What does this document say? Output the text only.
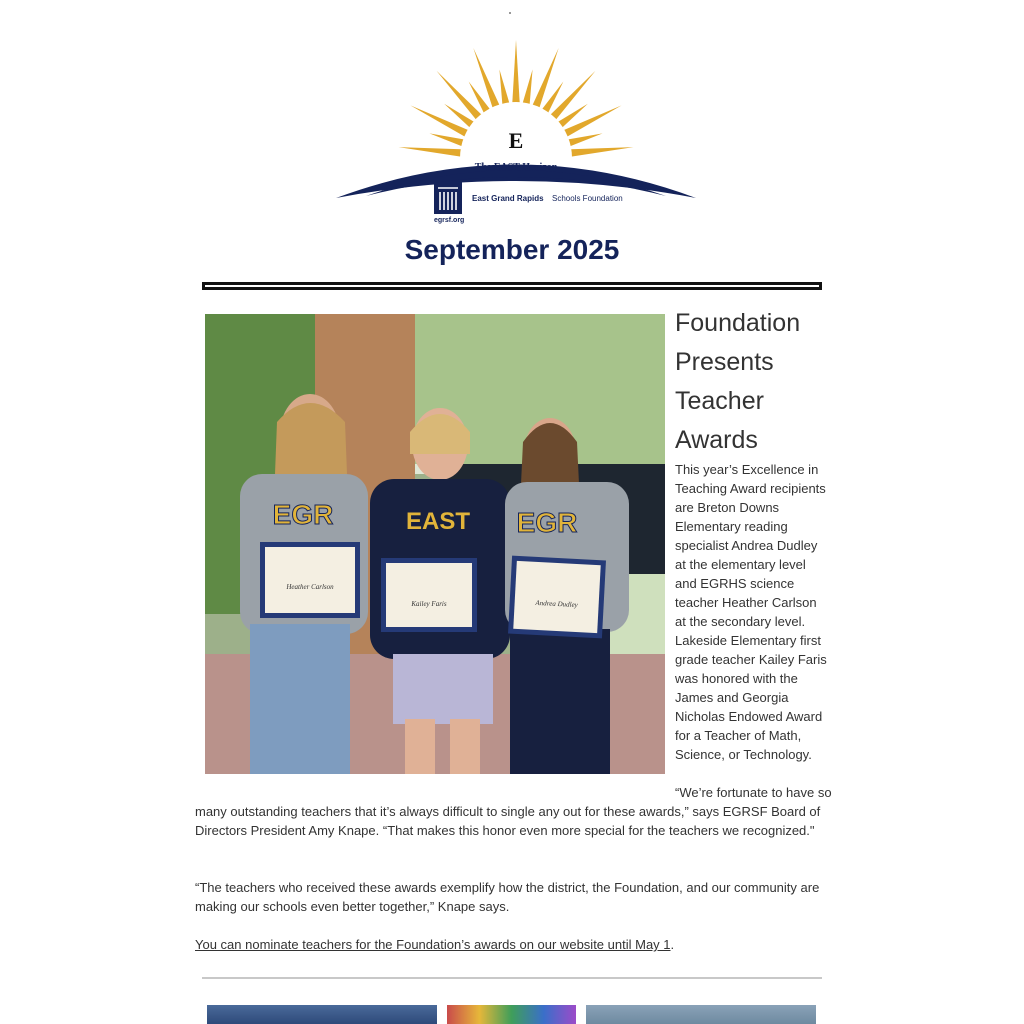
E
The EAST Horizon
East Grand Rapids Schools Foundation
egrsf.org
September 2025
EGR	EAST EGR
Heather Carlson
Kailey Faris	Andrea Dudley
Foundation
Presents
Teacher
Awards
This year’s Excellence in Teaching Award recipients are Breton Downs Elementary reading specialist Andrea Dudley at the elementary level and EGRHS science teacher Heather Carlson at the secondary level. Lakeside Elementary first grade teacher Kailey Faris was honored with the James and Georgia Nicholas Endowed Award for a Teacher of Math, Science, or Technology.
“We’re fortunate to have so many outstanding teachers that it’s always difficult to single any out for these awards,” says EGRSF Board of Directors President Amy Knape. “That makes this honor even more special for the teachers we recognized."
“The teachers who received these awards exemplify how the district, the Foundation, and our community are making our schools even better together,” Knape says.
You can nominate teachers for the Foundation’s awards on our website until May 1.
